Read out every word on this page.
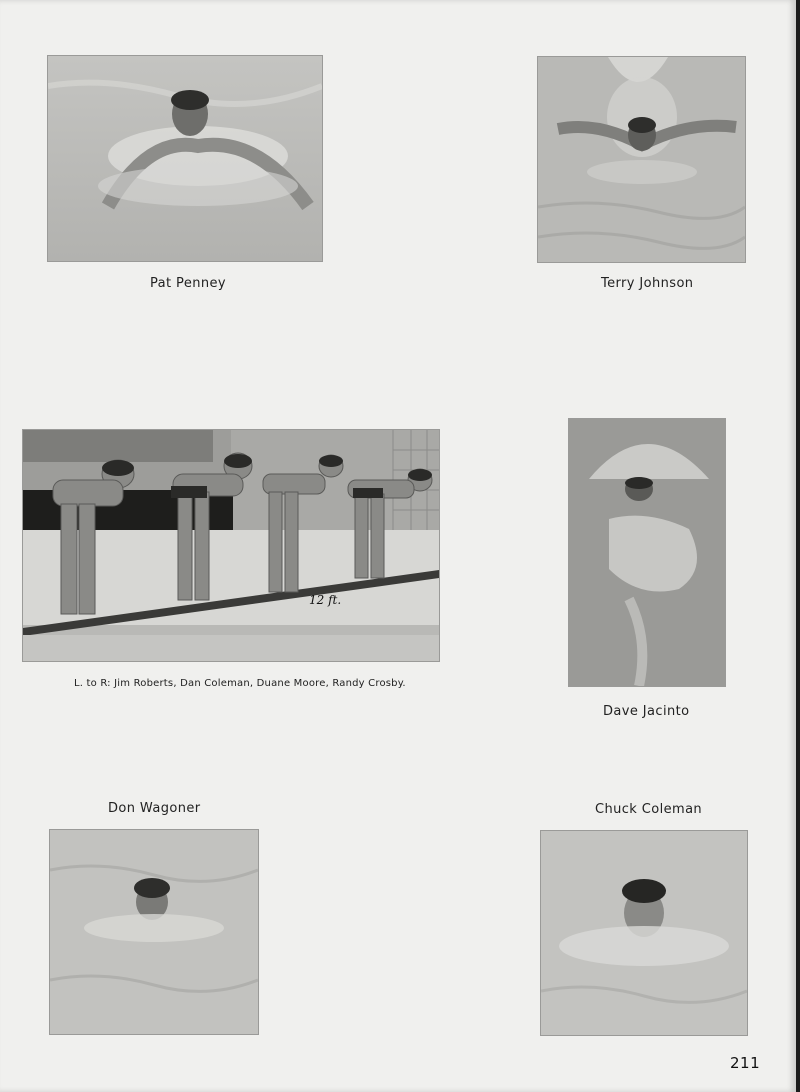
Pat Penney	Terry Johnson
12 ft.
L. to R: Jim Roberts, Dan Coleman, Duane Moore, Randy Crosby.
Dave Jacinto
Don Wagoner	Chuck Coleman
211
